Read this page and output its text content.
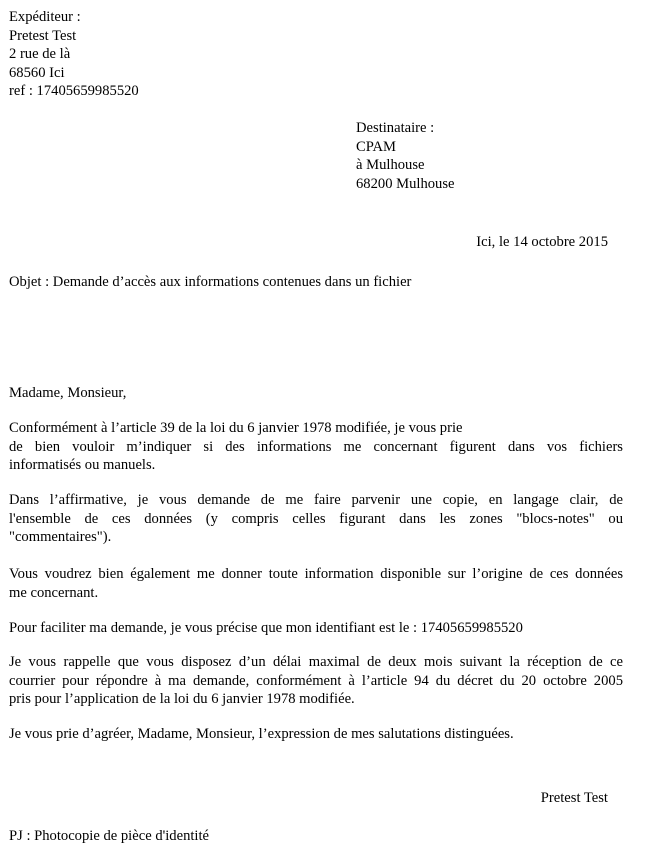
Expéditeur :
Pretest Test
2 rue de là
68560 Ici
ref : 17405659985520
Destinataire :
CPAM
à Mulhouse
68200 Mulhouse
Ici, le 14 octobre 2015
Objet : Demande d’accès aux informations contenues dans un fichier
Madame, Monsieur,
Conformément à l’article 39 de la loi du 6 janvier 1978 modifiée, je vous prie
de bien vouloir m’indiquer si des informations me concernant figurent dans vos fichiers
informatisés ou manuels.
Dans l’affirmative, je vous demande de me faire parvenir une copie, en langage clair, de
l'ensemble de ces données (y compris celles figurant dans les zones "blocs-notes" ou
"commentaires").
Vous voudrez bien également me donner toute information disponible sur l’origine de ces données
me concernant.
Pour faciliter ma demande, je vous précise que mon identifiant est le : 17405659985520
Je vous rappelle que vous disposez d’un délai maximal de deux mois suivant la réception de ce
courrier pour répondre à ma demande, conformément à l’article 94 du décret du 20 octobre 2005
pris pour l’application de la loi du 6 janvier 1978 modifiée.
Je vous prie d’agréer, Madame, Monsieur, l’expression de mes salutations distinguées.
Pretest Test
PJ : Photocopie de pièce d'identité
